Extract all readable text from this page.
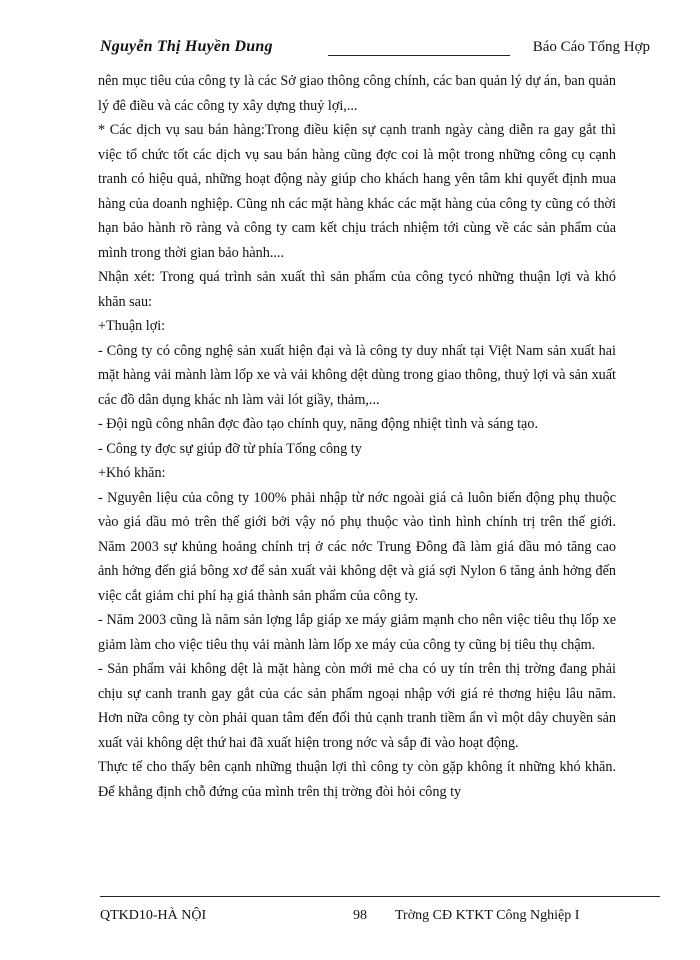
Nguyễn Thị Huyền Dung	Báo Cáo Tổng Hợp

nên mục tiêu của công ty là các Sở giao thông công chính, các ban quản lý dự án, ban quản lý đê điều và các công ty xây dựng thuỷ lợi,...

* Các dịch vụ sau bán hàng:Trong điều kiện sự cạnh tranh ngày càng diễn ra gay gắt thì việc tổ chức tốt các dịch vụ sau bán hàng cũng đợc coi là một trong những công cụ cạnh tranh có hiệu quả, những hoạt động này giúp cho khách hang yên tâm khi quyết định mua hàng của doanh nghiệp. Cũng nh các mặt hàng khác các mặt hàng của công ty cũng có thời hạn bảo hành rõ ràng và công ty cam kết chịu trách nhiệm tới cùng về các sản phẩm của mình trong thời gian bảo hành....

Nhận xét: Trong quá trình sản xuất thì sản phẩm của công tycó những thuận lợi và khó khăn sau:

+Thuận lợi:

- Công ty có công nghệ sản xuất hiện đại và là công ty duy nhất tại Việt Nam sản xuất hai mặt hàng vải mành làm lốp xe và vải không dệt dùng trong giao thông, thuỷ lợi và sản xuất các đồ dân dụng khác nh làm vải lót giầy, thảm,...

- Đội ngũ công nhân đợc đào tạo chính quy, năng động nhiệt tình và sáng tạo.

- Công ty đợc sự giúp đỡ từ phía Tổng công ty

+Khó khăn:

- Nguyên liệu của công ty 100% phải nhập từ nớc ngoài giá cả luôn biến động phụ thuộc vào giá dầu mỏ trên thế giới bởi vậy nó phụ thuộc vào tình hình chính trị trên thế giới. Năm 2003 sự khủng hoảng chính trị ở các nớc Trung Đông đã làm giá dầu mỏ tăng cao ảnh hởng đến giá bông xơ để sản xuất vải không dệt và giá sợi Nylon 6 tăng ảnh hởng đến việc cắt giảm chi phí hạ giá thành sản phẩm của công ty.

- Năm 2003 cũng là năm sản lợng lắp giáp xe máy giảm mạnh cho nên việc tiêu thụ lốp xe giảm làm cho việc tiêu thụ vải mành làm lốp xe máy của công ty cũng bị tiêu thụ chậm.

- Sản phẩm vải không dệt là mặt hàng còn mới mẻ cha có uy tín trên thị trờng đang phải chịu sự canh tranh gay gắt của các sản phẩm ngoại nhập với giá rẻ thơng hiệu lâu năm. Hơn nữa công ty còn phải quan tâm đến đối thủ cạnh tranh tiềm ẩn vì một dây chuyền sản xuất vải không dệt thứ hai đã xuất hiện trong nớc và sắp đi vào hoạt động.

Thực tế cho thấy bên cạnh những thuận lợi thì công ty còn gặp không ít những khó khăn. Để khẳng định chỗ đứng của mình trên thị trờng đòi hỏi công ty

QTKD10-HÀ NỘI	98 Trờng CĐ KTKT Công Nghiệp I
